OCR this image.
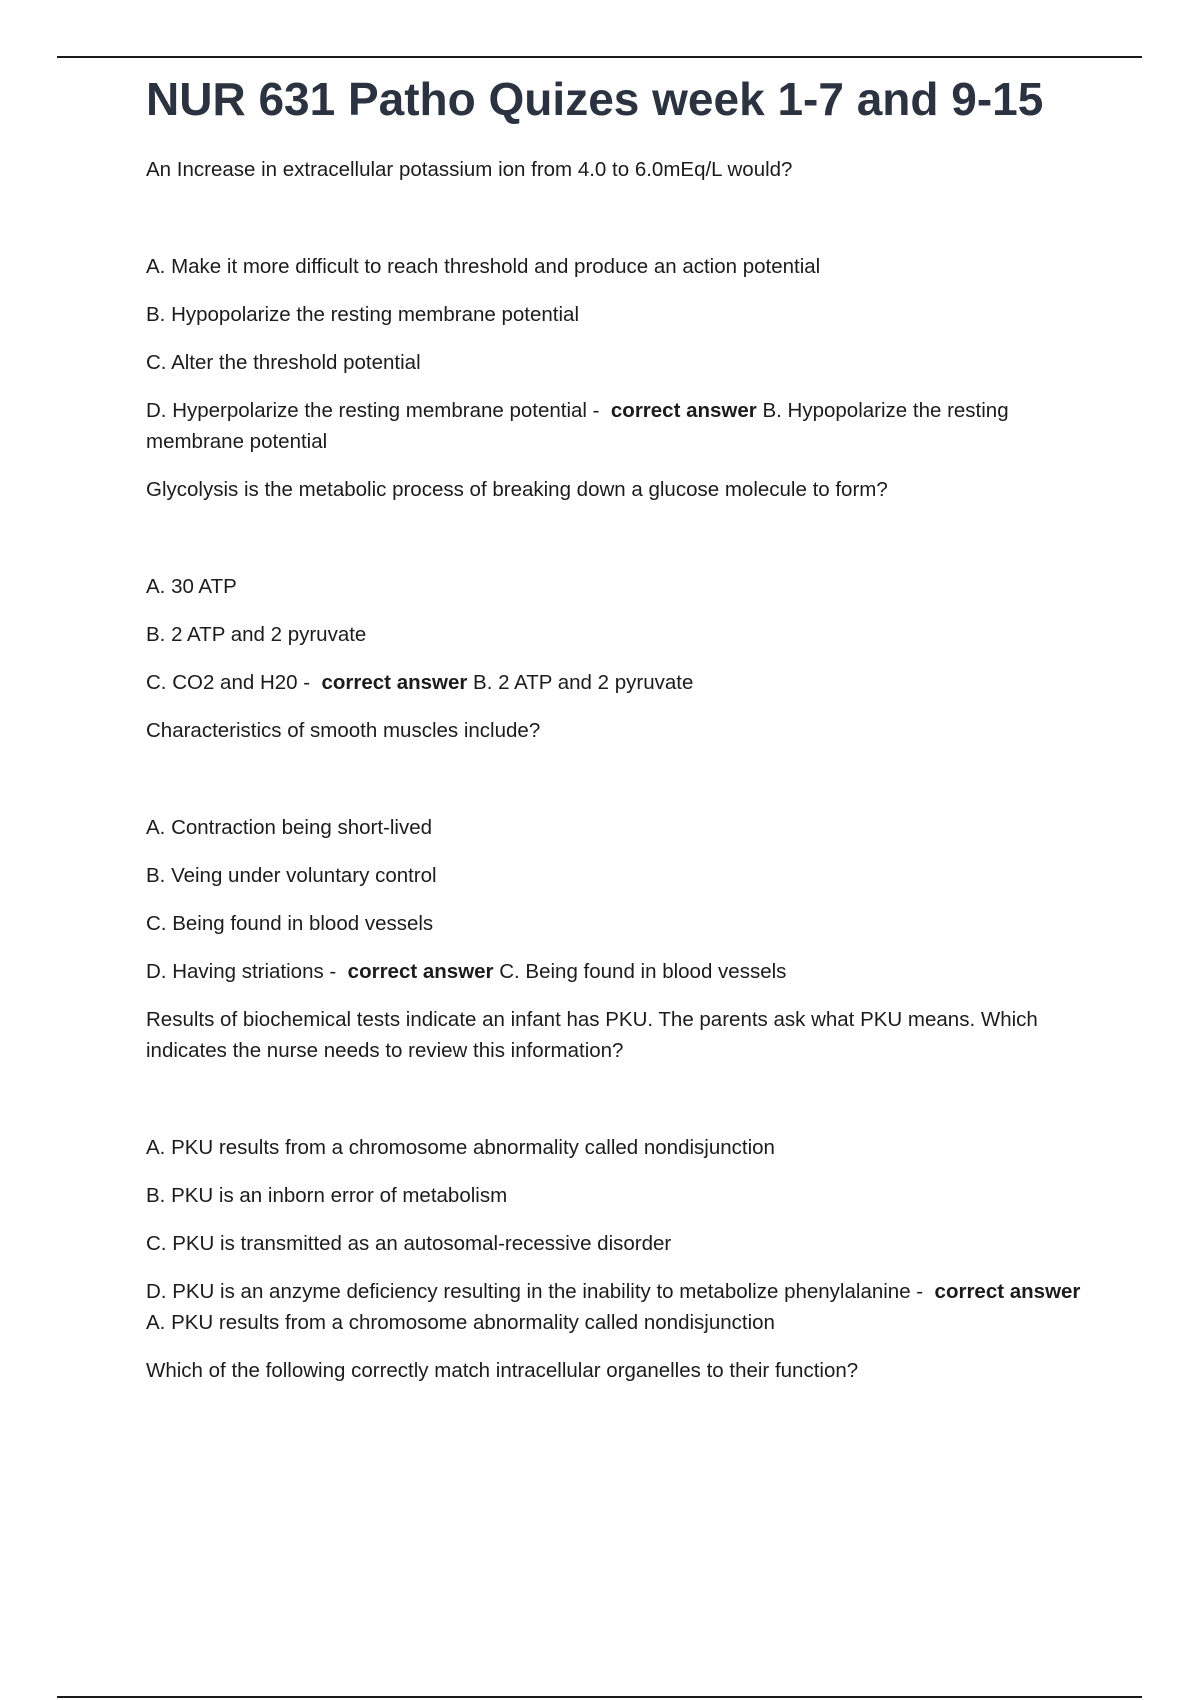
NUR 631 Patho Quizes week 1-7 and 9-15

An Increase in extracellular potassium ion from 4.0 to 6.0mEq/L would?

A. Make it more difficult to reach threshold and produce an action potential

B. Hypopolarize the resting membrane potential

C. Alter the threshold potential

D. Hyperpolarize the resting membrane potential - correct answer B. Hypopolarize the resting membrane potential

Glycolysis is the metabolic process of breaking down a glucose molecule to form?

A. 30 ATP

B. 2 ATP and 2 pyruvate

C. CO2 and H20 - correct answer B. 2 ATP and 2 pyruvate

Characteristics of smooth muscles include?

A. Contraction being short-lived

B. Veing under voluntary control

C. Being found in blood vessels

D. Having striations - correct answer C. Being found in blood vessels

Results of biochemical tests indicate an infant has PKU. The parents ask what PKU means. Which indicates the nurse needs to review this information?

A. PKU results from a chromosome abnormality called nondisjunction

B. PKU is an inborn error of metabolism

C. PKU is transmitted as an autosomal-recessive disorder

D. PKU is an anzyme deficiency resulting in the inability to metabolize phenylalanine - correct answer A. PKU results from a chromosome abnormality called nondisjunction

Which of the following correctly match intracellular organelles to their function?
